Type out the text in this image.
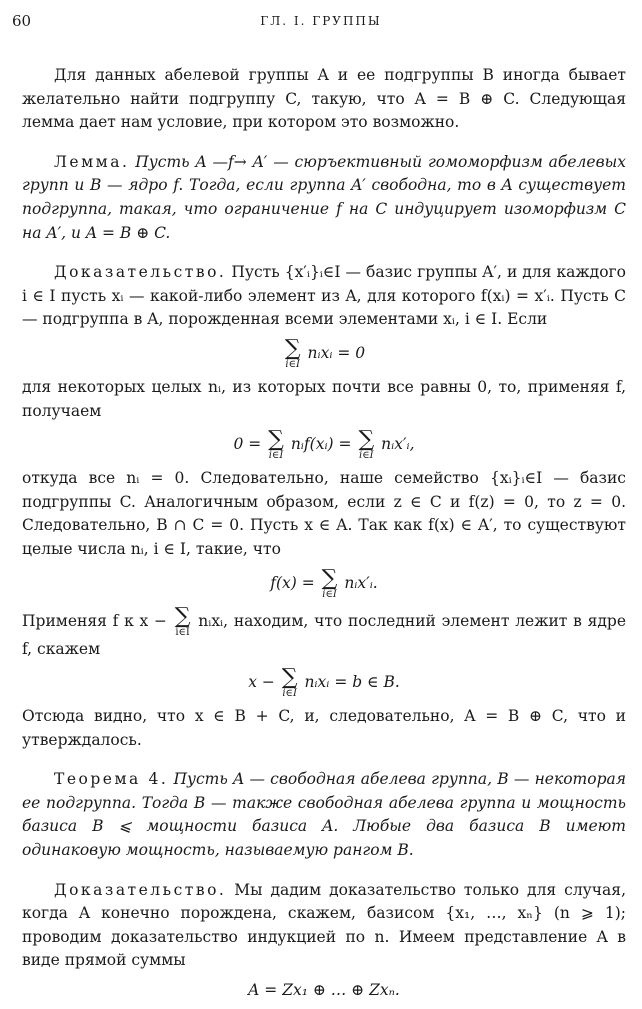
60	ГЛ. I. ГРУППЫ

Для данных абелевой группы A и ее подгруппы B иногда бывает желательно найти подгруппу C, такую, что A = B ⊕ C. Следующая лемма дает нам условие, при котором это возможно.

Лемма. Пусть A —f→ A′ — сюръективный гомоморфизм абелевых групп и B — ядро f. Тогда, если группа A′ свободна, то в A существует подгруппа, такая, что ограничение f на C индуцирует изоморфизм C на A′, и A = B ⊕ C.

Доказательство. Пусть {x′ᵢ}ᵢ∈I — базис группы A′, и для каждого i ∈ I пусть xᵢ — какой-либо элемент из A, для которого f(xᵢ) = x′ᵢ. Пусть C — подгруппа в A, порожденная всеми элементами xᵢ, i ∈ I. Если

∑
i∈I
nᵢxᵢ = 0

для некоторых целых nᵢ, из которых почти все равны 0, то, применяя f, получаем

0 = ∑
i∈I
nᵢf(xᵢ) = ∑
i∈I
nᵢx′ᵢ,

откуда все nᵢ = 0. Следовательно, наше семейство {xᵢ}ᵢ∈I — базис подгруппы C. Аналогичным образом, если z ∈ C и f(z) = 0, то z = 0. Следовательно, B ∩ C = 0. Пусть x ∈ A. Так как f(x) ∈ A′, то существуют целые числа nᵢ, i ∈ I, такие, что

f(x) = ∑
i∈I
nᵢx′ᵢ.

Применяя f к x − ∑
i∈I
nᵢxᵢ, находим, что последний элемент лежит в ядре f, скажем

x − ∑
i∈I
nᵢxᵢ = b ∈ B.

Отсюда видно, что x ∈ B + C, и, следовательно, A = B ⊕ C, что и утверждалось.

Теорема 4. Пусть A — свободная абелева группа, B — некоторая ее подгруппа. Тогда B — также свободная абелева группа и мощность базиса B ⩽ мощности базиса A. Любые два базиса B имеют одинаковую мощность, называемую рангом B.

Доказательство. Мы дадим доказательство только для случая, когда A конечно порождена, скажем, базисом {x₁, …, xₙ} (n ⩾ 1); проводим доказательство индукцией по n. Имеем представление A в виде прямой суммы

A = Zx₁ ⊕ … ⊕ Zxₙ.
